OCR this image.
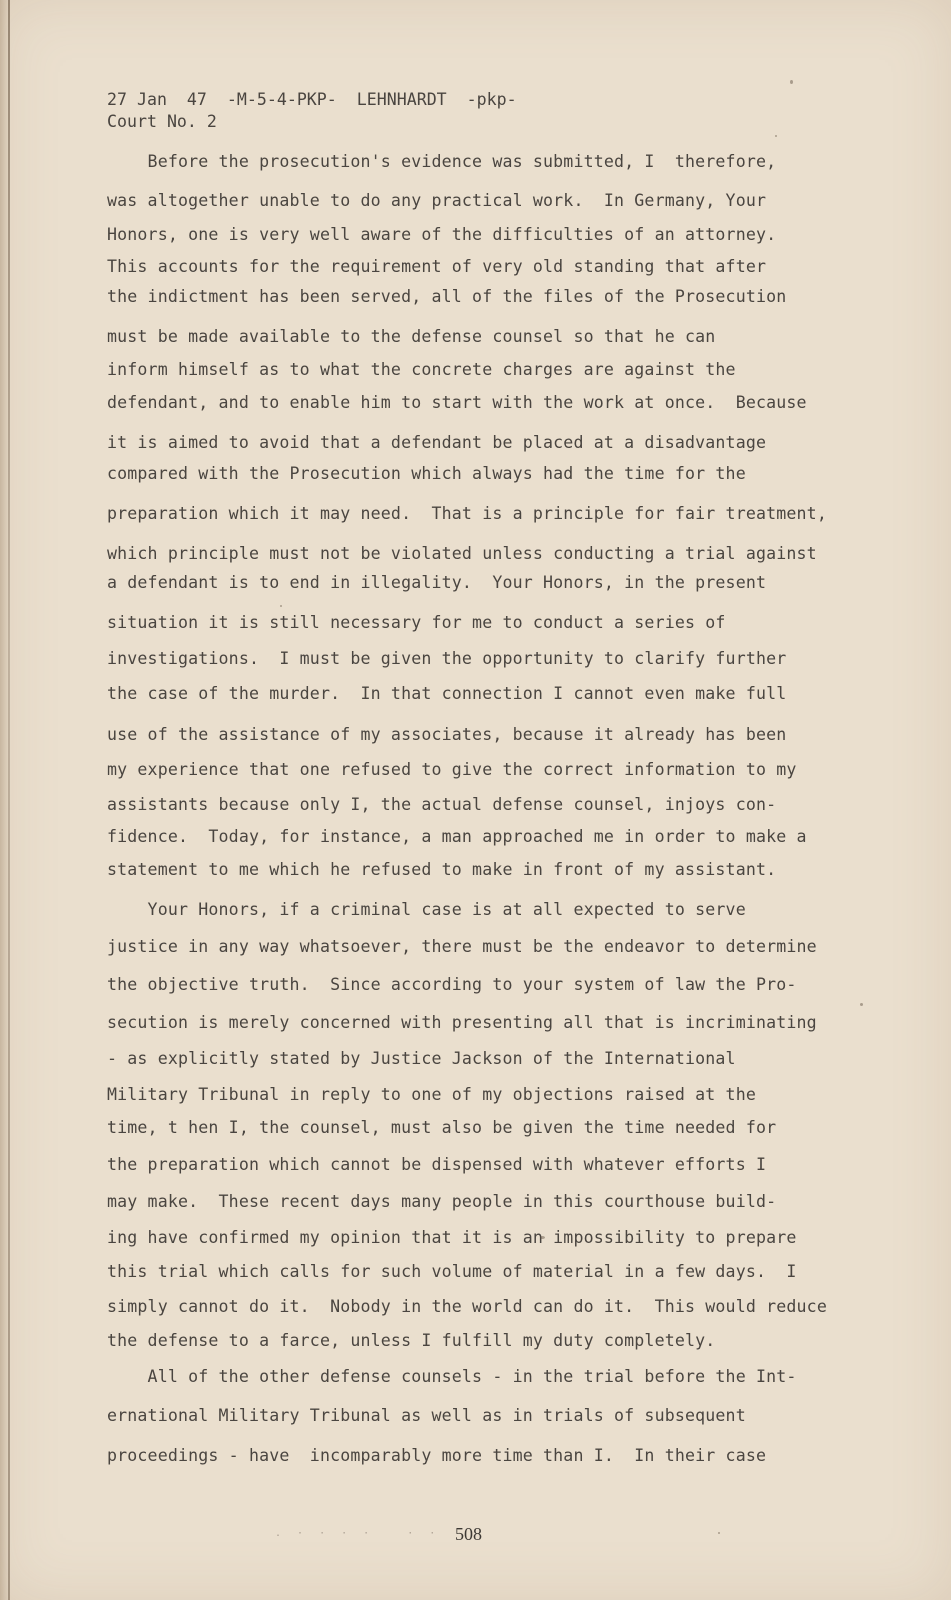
27 Jan  47  -M-5-4-PKP-  LEHNHARDT  -pkp-
Court No. 2
Before the prosecution's evidence was submitted, I  therefore,
was altogether unable to do any practical work.  In Germany, Your
Honors, one is very well aware of the difficulties of an attorney.
This accounts for the requirement of very old standing that after
the indictment has been served, all of the files of the Prosecution
must be made available to the defense counsel so that he can
inform himself as to what the concrete charges are against the
defendant, and to enable him to start with the work at once.  Because
it is aimed to avoid that a defendant be placed at a disadvantage
compared with the Prosecution which always had the time for the
preparation which it may need.  That is a principle for fair treatment,
which principle must not be violated unless conducting a trial against
a defendant is to end in illegality.  Your Honors, in the present
situation it is still necessary for me to conduct a series of
investigations.  I must be given the opportunity to clarify further
the case of the murder.  In that connection I cannot even make full
use of the assistance of my associates, because it already has been
my experience that one refused to give the correct information to my
assistants because only I, the actual defense counsel, injoys con-
fidence.  Today, for instance, a man approached me in order to make a
statement to me which he refused to make in front of my assistant.
Your Honors, if a criminal case is at all expected to serve
justice in any way whatsoever, there must be the endeavor to determine
the objective truth.  Since according to your system of law the Pro-
secution is merely concerned with presenting all that is incriminating
- as explicitly stated by Justice Jackson of the International
Military Tribunal in reply to one of my objections raised at the
time, t hen I, the counsel, must also be given the time needed for
the preparation which cannot be dispensed with whatever efforts I
may make.  These recent days many people in this courthouse build-
ing have confirmed my opinion that it is an impossibility to prepare
this trial which calls for such volume of material in a few days.  I
simply cannot do it.  Nobody in the world can do it.  This would reduce
the defense to a farce, unless I fulfill my duty completely.
All of the other defense counsels - in the trial before the Int-
ernational Military Tribunal as well as in trials of subsequent
proceedings - have  incomparably more time than I.  In their case
. · · · ·   · · 508
